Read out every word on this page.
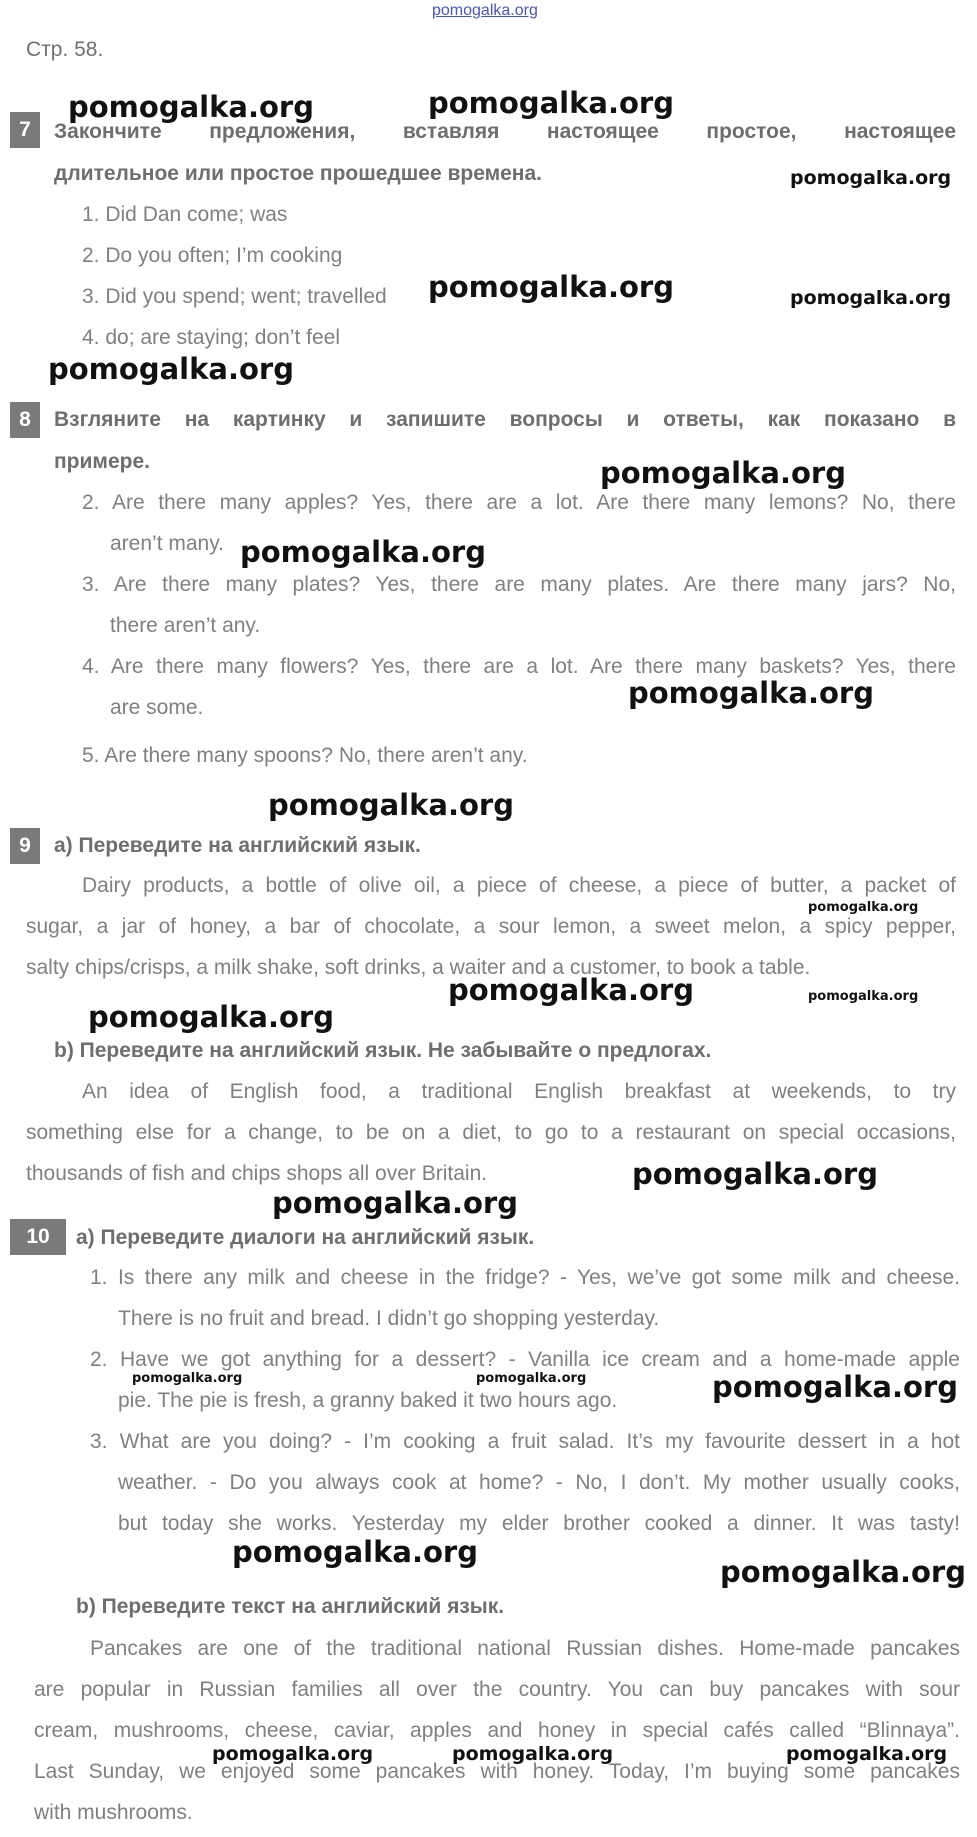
pomogalka.org
Стр. 58.
7	Закончите предложения, вставляя настоящее простое, настоящее
длительное или простое прошедшее времена.
1. Did Dan come; was
2. Do you often; I’m cooking
3. Did you spend; went; travelled
4. do; are staying; don’t feel
8	Взгляните на картинку и запишите вопросы и ответы, как показано в
примере.
2. Are there many apples? Yes, there are a lot. Are there many lemons? No, there
aren’t many.
3. Are there many plates? Yes, there are many plates. Are there many jars? No,
there aren’t any.
4. Are there many flowers? Yes, there are a lot. Are there many baskets? Yes, there
are some.
5. Are there many spoons? No, there aren’t any.
9	a) Переведите на английский язык.
Dairy products, a bottle of olive oil, a piece of cheese, a piece of butter, a packet of
sugar, a jar of honey, a bar of chocolate, a sour lemon, a sweet melon, a spicy pepper,
salty chips/crisps, a milk shake, soft drinks, a waiter and a customer, to book a table.
b) Переведите на английский язык. Не забывайте о предлогах.
An idea of English food, a traditional English breakfast at weekends, to try
something else for a change, to be on a diet, to go to a restaurant on special occasions,
thousands of fish and chips shops all over Britain.
10	a) Переведите диалоги на английский язык.
1. Is there any milk and cheese in the fridge? - Yes, we’ve got some milk and cheese.
There is no fruit and bread. I didn’t go shopping yesterday.
2. Have we got anything for a dessert? - Vanilla ice cream and a home-made apple
pie. The pie is fresh, a granny baked it two hours ago.
3. What are you doing? - I’m cooking a fruit salad. It’s my favourite dessert in a hot
weather. - Do you always cook at home? - No, I don’t. My mother usually cooks,
but today she works. Yesterday my elder brother cooked a dinner. It was tasty!
b) Переведите текст на английский язык.
Pancakes are one of the traditional national Russian dishes. Home-made pancakes
are popular in Russian families all over the country. You can buy pancakes with sour
cream, mushrooms, cheese, caviar, apples and honey in special cafés called “Blinnaya”.
Last Sunday, we enjoyed some pancakes with honey. Today, I’m buying some pancakes
with mushrooms.
pomogalka.org	pomogalka.org
pomogalka.org
pomogalka.org	pomogalka.org
pomogalka.org
pomogalka.org
pomogalka.org
pomogalka.org
pomogalka.org
pomogalka.org
pomogalka.org	pomogalka.org
pomogalka.org
pomogalka.org
pomogalka.org
pomogalka.org	pomogalka.org	pomogalka.org
pomogalka.org
pomogalka.org
pomogalka.org	pomogalka.org	pomogalka.org
